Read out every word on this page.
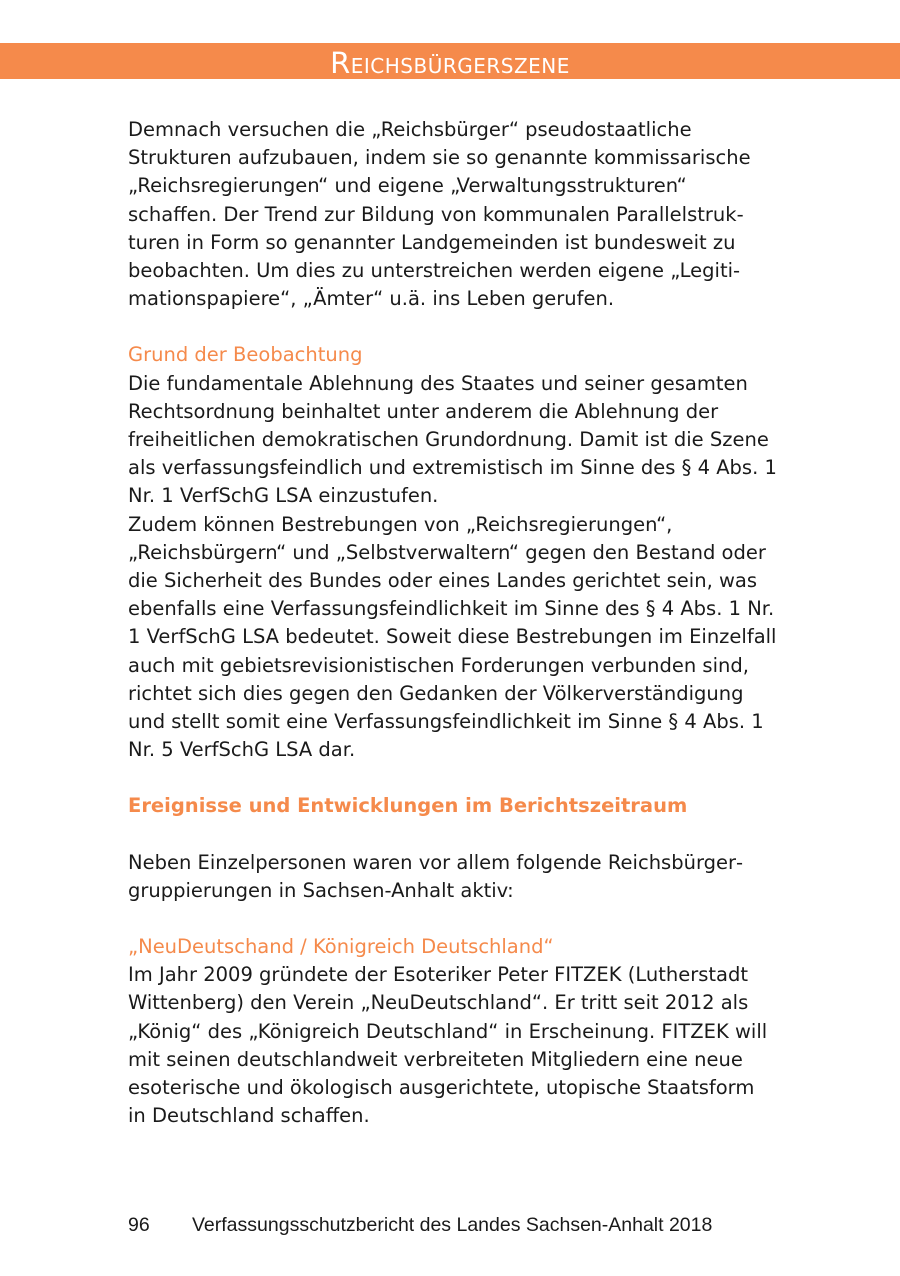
Reichsbürgerszene

Demnach versuchen die „Reichsbürger“ pseudostaatliche Strukturen aufzubauen, indem sie so genannte kommissarische „Reichsregierungen“ und eigene „Verwaltungsstrukturen“ schaffen. Der Trend zur Bildung von kommunalen Parallelstrukturen in Form so genannter Landgemeinden ist bundesweit zu beobachten. Um dies zu unterstreichen werden eigene „Legitimationspapiere“, „Ämter“ u.ä. ins Leben gerufen.

Grund der Beobachtung

Die fundamentale Ablehnung des Staates und seiner gesamten Rechtsordnung beinhaltet unter anderem die Ablehnung der freiheitlichen demokratischen Grundordnung. Damit ist die Szene als verfassungsfeindlich und extremistisch im Sinne des § 4 Abs. 1 Nr. 1 VerfSchG LSA einzustufen.

Zudem können Bestrebungen von „Reichsregierungen“, „Reichsbürgern“ und „Selbstverwaltern“ gegen den Bestand oder die Sicherheit des Bundes oder eines Landes gerichtet sein, was ebenfalls eine Verfassungsfeindlichkeit im Sinne des § 4 Abs. 1 Nr. 1 VerfSchG LSA bedeutet. Soweit diese Bestrebungen im Einzelfall auch mit gebietsrevisionistischen Forderungen verbunden sind, richtet sich dies gegen den Gedanken der Völkerverständigung und stellt somit eine Verfassungsfeindlichkeit im Sinne § 4 Abs. 1 Nr. 5 VerfSchG LSA dar.

Ereignisse und Entwicklungen im Berichtszeitraum

Neben Einzelpersonen waren vor allem folgende Reichsbürgergruppierungen in Sachsen-Anhalt aktiv:

„NeuDeutschand / Königreich Deutschland“

Im Jahr 2009 gründete der Esoteriker Peter FITZEK (Lutherstadt Wittenberg) den Verein „NeuDeutschland“. Er tritt seit 2012 als „König“ des „Königreich Deutschland“ in Erscheinung. FITZEK will mit seinen deutschlandweit verbreiteten Mitgliedern eine neue esoterische und ökologisch ausgerichtete, utopische Staatsform in Deutschland schaffen.

96 Verfassungsschutzbericht des Landes Sachsen-Anhalt 2018
